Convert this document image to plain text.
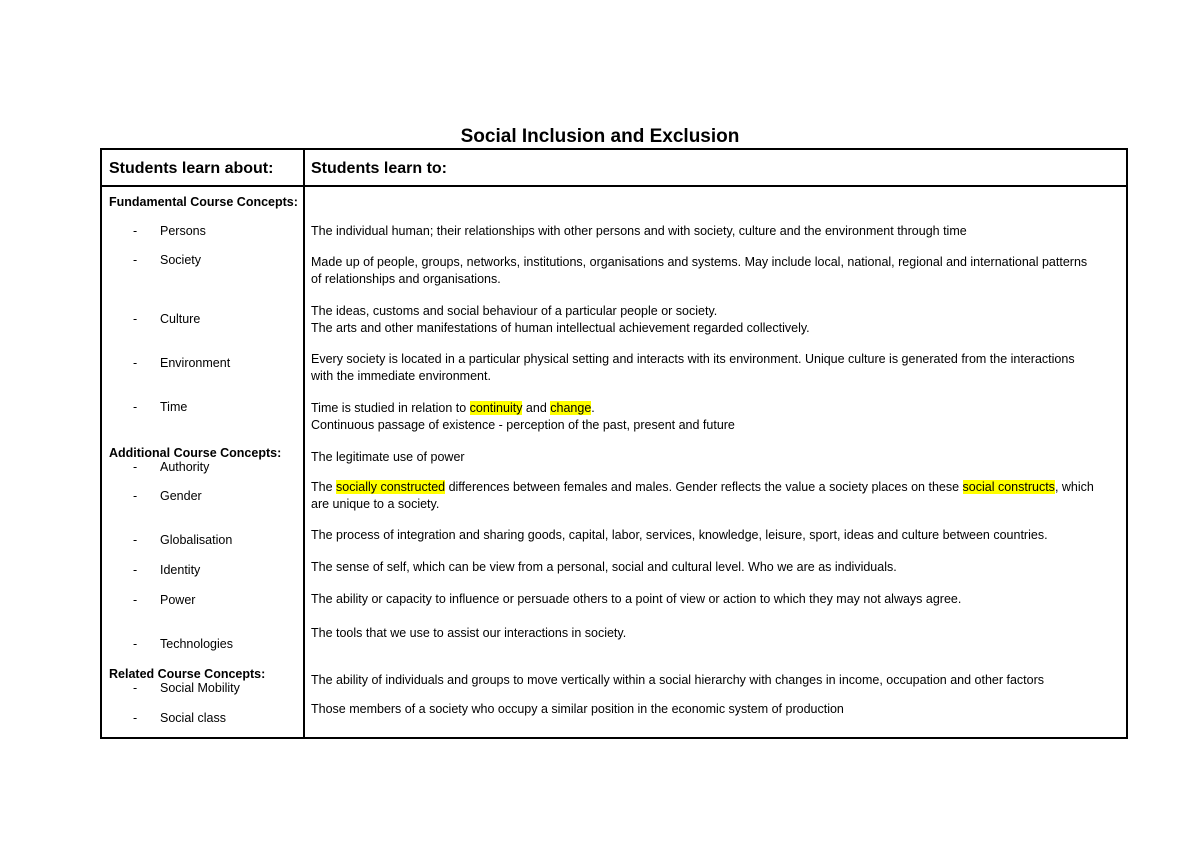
Social Inclusion and Exclusion
Students learn about: Students learn to:
Fundamental Course Concepts:
- Persons
- Society
- Culture
- Environment
- Time
Additional Course Concepts:
- Authority
- Gender
- Globalisation
- Identity
- Power
- Technologies
Related Course Concepts:
- Social Mobility
- Social class
The individual human; their relationships with other persons and with society, culture and the environment through time
Made up of people, groups, networks, institutions, organisations and systems. May include local, national, regional and international patterns
of relationships and organisations.
The ideas, customs and social behaviour of a particular people or society.
The arts and other manifestations of human intellectual achievement regarded collectively.
Every society is located in a particular physical setting and interacts with its environment. Unique culture is generated from the interactions
with the immediate environment.
Time is studied in relation to continuity and change.
Continuous passage of existence - perception of the past, present and future
The legitimate use of power
The socially constructed differences between females and males. Gender reflects the value a society places on these social constructs, which
are unique to a society.
The process of integration and sharing goods, capital, labor, services, knowledge, leisure, sport, ideas and culture between countries.
The sense of self, which can be view from a personal, social and cultural level. Who we are as individuals.
The ability or capacity to influence or persuade others to a point of view or action to which they may not always agree.
The tools that we use to assist our interactions in society.
The ability of individuals and groups to move vertically within a social hierarchy with changes in income, occupation and other factors
Those members of a society who occupy a similar position in the economic system of production
